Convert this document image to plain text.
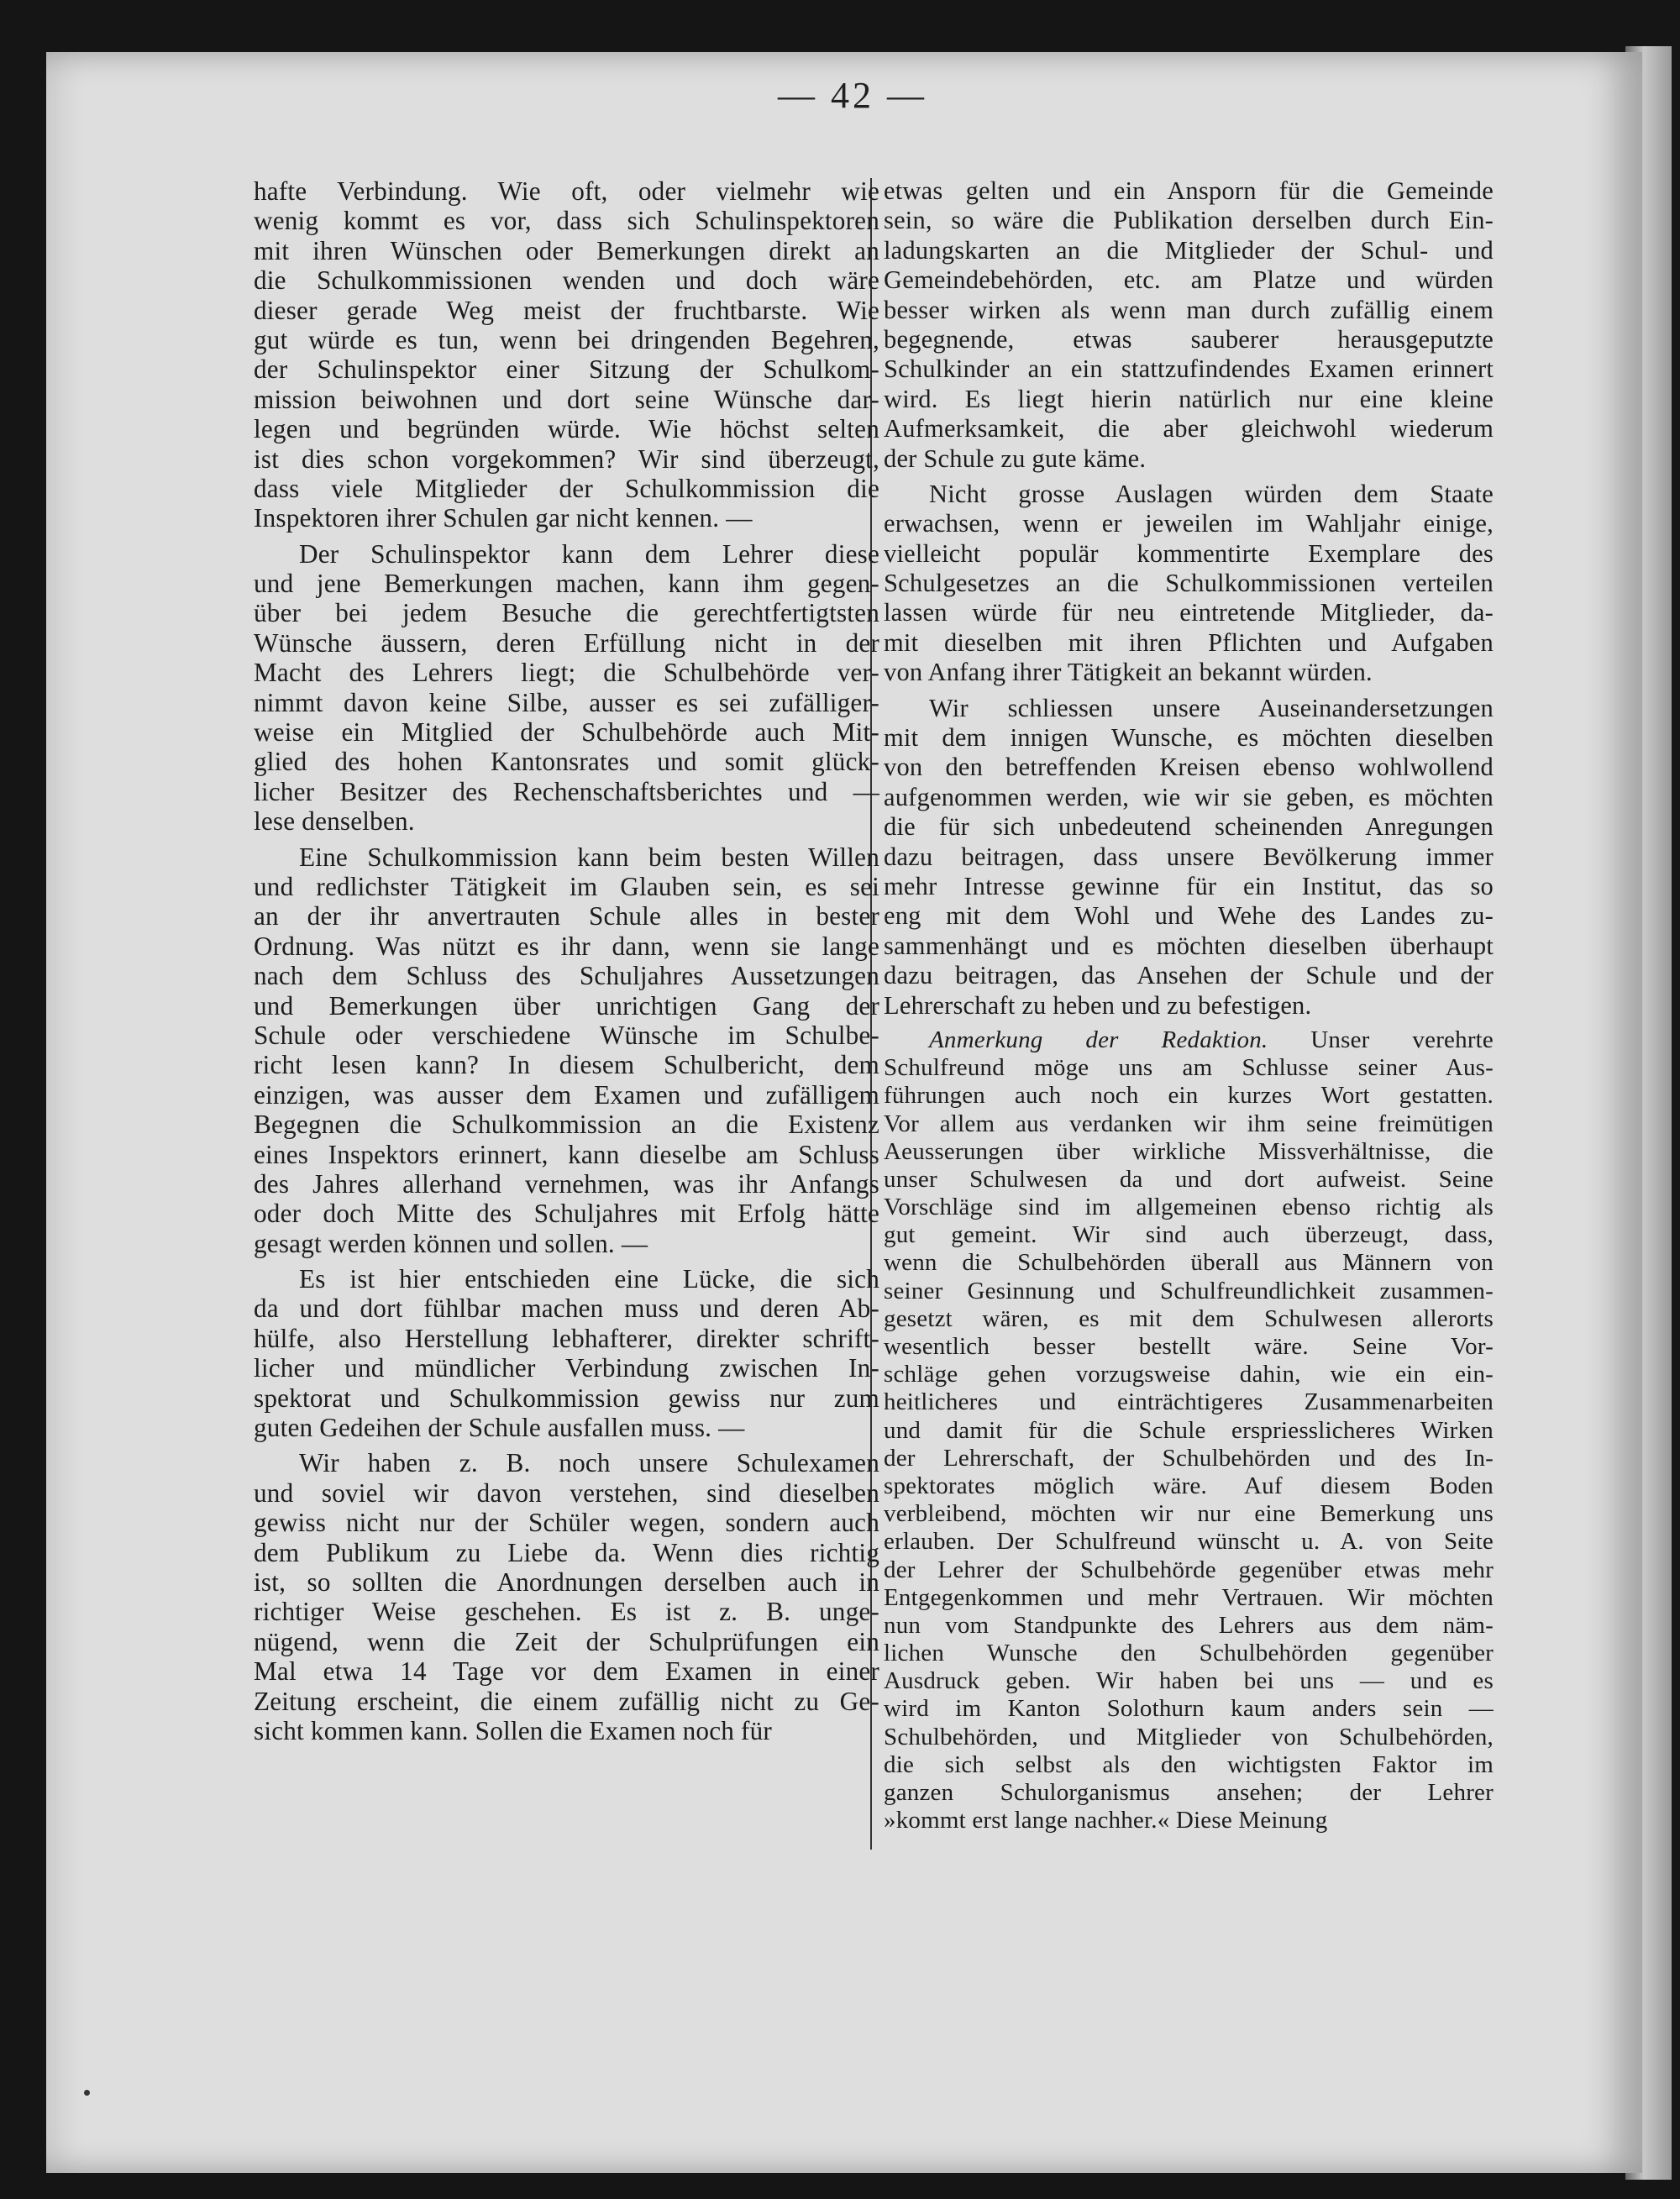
— 42 —
hafte Verbindung. Wie oft, oder vielmehr wie
wenig kommt es vor, dass sich Schulinspektoren
mit ihren Wünschen oder Bemerkungen direkt an
die Schulkommissionen wenden und doch wäre
dieser gerade Weg meist der fruchtbarste. Wie
gut würde es tun, wenn bei dringenden Begehren,
der Schulinspektor einer Sitzung der Schulkom-
mission beiwohnen und dort seine Wünsche dar-
legen und begründen würde. Wie höchst selten
ist dies schon vorgekommen? Wir sind überzeugt,
dass viele Mitglieder der Schulkommission die
Inspektoren ihrer Schulen gar nicht kennen. —
Der Schulinspektor kann dem Lehrer diese
und jene Bemerkungen machen, kann ihm gegen-
über bei jedem Besuche die gerechtfertigtsten
Wünsche äussern, deren Erfüllung nicht in der
Macht des Lehrers liegt; die Schulbehörde ver-
nimmt davon keine Silbe, ausser es sei zufälliger-
weise ein Mitglied der Schulbehörde auch Mit-
glied des hohen Kantonsrates und somit glück-
licher Besitzer des Rechenschaftsberichtes und —
lese denselben.
Eine Schulkommission kann beim besten Willen
und redlichster Tätigkeit im Glauben sein, es sei
an der ihr anvertrauten Schule alles in bester
Ordnung. Was nützt es ihr dann, wenn sie lange
nach dem Schluss des Schuljahres Aussetzungen
und Bemerkungen über unrichtigen Gang der
Schule oder verschiedene Wünsche im Schulbe-
richt lesen kann? In diesem Schulbericht, dem
einzigen, was ausser dem Examen und zufälligem
Begegnen die Schulkommission an die Existenz
eines Inspektors erinnert, kann dieselbe am Schluss
des Jahres allerhand vernehmen, was ihr Anfangs
oder doch Mitte des Schuljahres mit Erfolg hätte
gesagt werden können und sollen. —
Es ist hier entschieden eine Lücke, die sich
da und dort fühlbar machen muss und deren Ab-
hülfe, also Herstellung lebhafterer, direkter schrift-
licher und mündlicher Verbindung zwischen In-
spektorat und Schulkommission gewiss nur zum
guten Gedeihen der Schule ausfallen muss. —
Wir haben z. B. noch unsere Schulexamen
und soviel wir davon verstehen, sind dieselben
gewiss nicht nur der Schüler wegen, sondern auch
dem Publikum zu Liebe da. Wenn dies richtig
ist, so sollten die Anordnungen derselben auch in
richtiger Weise geschehen. Es ist z. B. unge-
nügend, wenn die Zeit der Schulprüfungen ein
Mal etwa 14 Tage vor dem Examen in einer
Zeitung erscheint, die einem zufällig nicht zu Ge-
sicht kommen kann. Sollen die Examen noch für
etwas gelten und ein Ansporn für die Gemeinde
sein, so wäre die Publikation derselben durch Ein-
ladungskarten an die Mitglieder der Schul- und
Gemeindebehörden, etc. am Platze und würden
besser wirken als wenn man durch zufällig einem
begegnende, etwas sauberer herausgeputzte
Schulkinder an ein stattzufindendes Examen erinnert
wird. Es liegt hierin natürlich nur eine kleine
Aufmerksamkeit, die aber gleichwohl wiederum
der Schule zu gute käme.
Nicht grosse Auslagen würden dem Staate
erwachsen, wenn er jeweilen im Wahljahr einige,
vielleicht populär kommentirte Exemplare des
Schulgesetzes an die Schulkommissionen verteilen
lassen würde für neu eintretende Mitglieder, da-
mit dieselben mit ihren Pflichten und Aufgaben
von Anfang ihrer Tätigkeit an bekannt würden.
Wir schliessen unsere Auseinandersetzungen
mit dem innigen Wunsche, es möchten dieselben
von den betreffenden Kreisen ebenso wohlwollend
aufgenommen werden, wie wir sie geben, es möchten
die für sich unbedeutend scheinenden Anregungen
dazu beitragen, dass unsere Bevölkerung immer
mehr Intresse gewinne für ein Institut, das so
eng mit dem Wohl und Wehe des Landes zu-
sammenhängt und es möchten dieselben überhaupt
dazu beitragen, das Ansehen der Schule und der
Lehrerschaft zu heben und zu befestigen.
Anmerkung der Redaktion. Unser verehrte
Schulfreund möge uns am Schlusse seiner Aus-
führungen auch noch ein kurzes Wort gestatten.
Vor allem aus verdanken wir ihm seine freimütigen
Aeusserungen über wirkliche Missverhältnisse, die
unser Schulwesen da und dort aufweist. Seine
Vorschläge sind im allgemeinen ebenso richtig als
gut gemeint. Wir sind auch überzeugt, dass,
wenn die Schulbehörden überall aus Männern von
seiner Gesinnung und Schulfreundlichkeit zusammen-
gesetzt wären, es mit dem Schulwesen allerorts
wesentlich besser bestellt wäre. Seine Vor-
schläge gehen vorzugsweise dahin, wie ein ein-
heitlicheres und einträchtigeres Zusammenarbeiten
und damit für die Schule erspriesslicheres Wirken
der Lehrerschaft, der Schulbehörden und des In-
spektorates möglich wäre. Auf diesem Boden
verbleibend, möchten wir nur eine Bemerkung uns
erlauben. Der Schulfreund wünscht u. A. von Seite
der Lehrer der Schulbehörde gegenüber etwas mehr
Entgegenkommen und mehr Vertrauen. Wir möchten
nun vom Standpunkte des Lehrers aus dem näm-
lichen Wunsche den Schulbehörden gegenüber
Ausdruck geben. Wir haben bei uns — und es
wird im Kanton Solothurn kaum anders sein —
Schulbehörden, und Mitglieder von Schulbehörden,
die sich selbst als den wichtigsten Faktor im
ganzen Schulorganismus ansehen; der Lehrer
»kommt erst lange nachher.« Diese Meinung
